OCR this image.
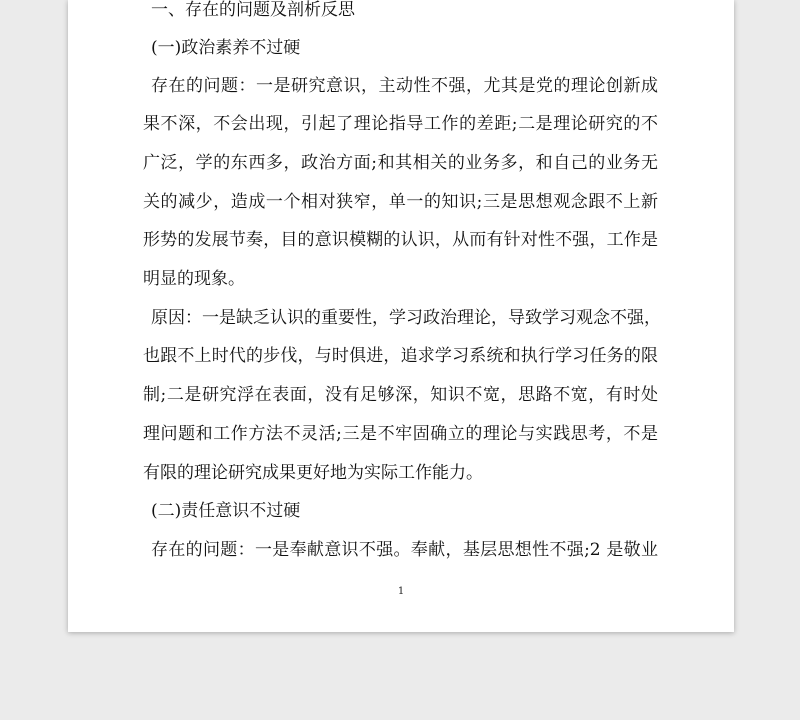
一、存在的问题及剖析反思
(一)政治素养不过硬
存在的问题：一是研究意识，主动性不强，尤其是党的理论创新成
果不深，不会出现，引起了理论指导工作的差距;二是理论研究的不
广泛，学的东西多，政治方面;和其相关的业务多，和自己的业务无
关的减少，造成一个相对狭窄，单一的知识;三是思想观念跟不上新
形势的发展节奏，目的意识模糊的认识，从而有针对性不强，工作是
明显的现象。
原因：一是缺乏认识的重要性，学习政治理论，导致学习观念不强，
也跟不上时代的步伐，与时俱进，追求学习系统和执行学习任务的限
制;二是研究浮在表面，没有足够深，知识不宽，思路不宽，有时处
理问题和工作方法不灵活;三是不牢固确立的理论与实践思考，不是
有限的理论研究成果更好地为实际工作能力。
(二)责任意识不过硬
存在的问题：一是奉献意识不强。奉献，基层思想性不强;2 是敬业
1
